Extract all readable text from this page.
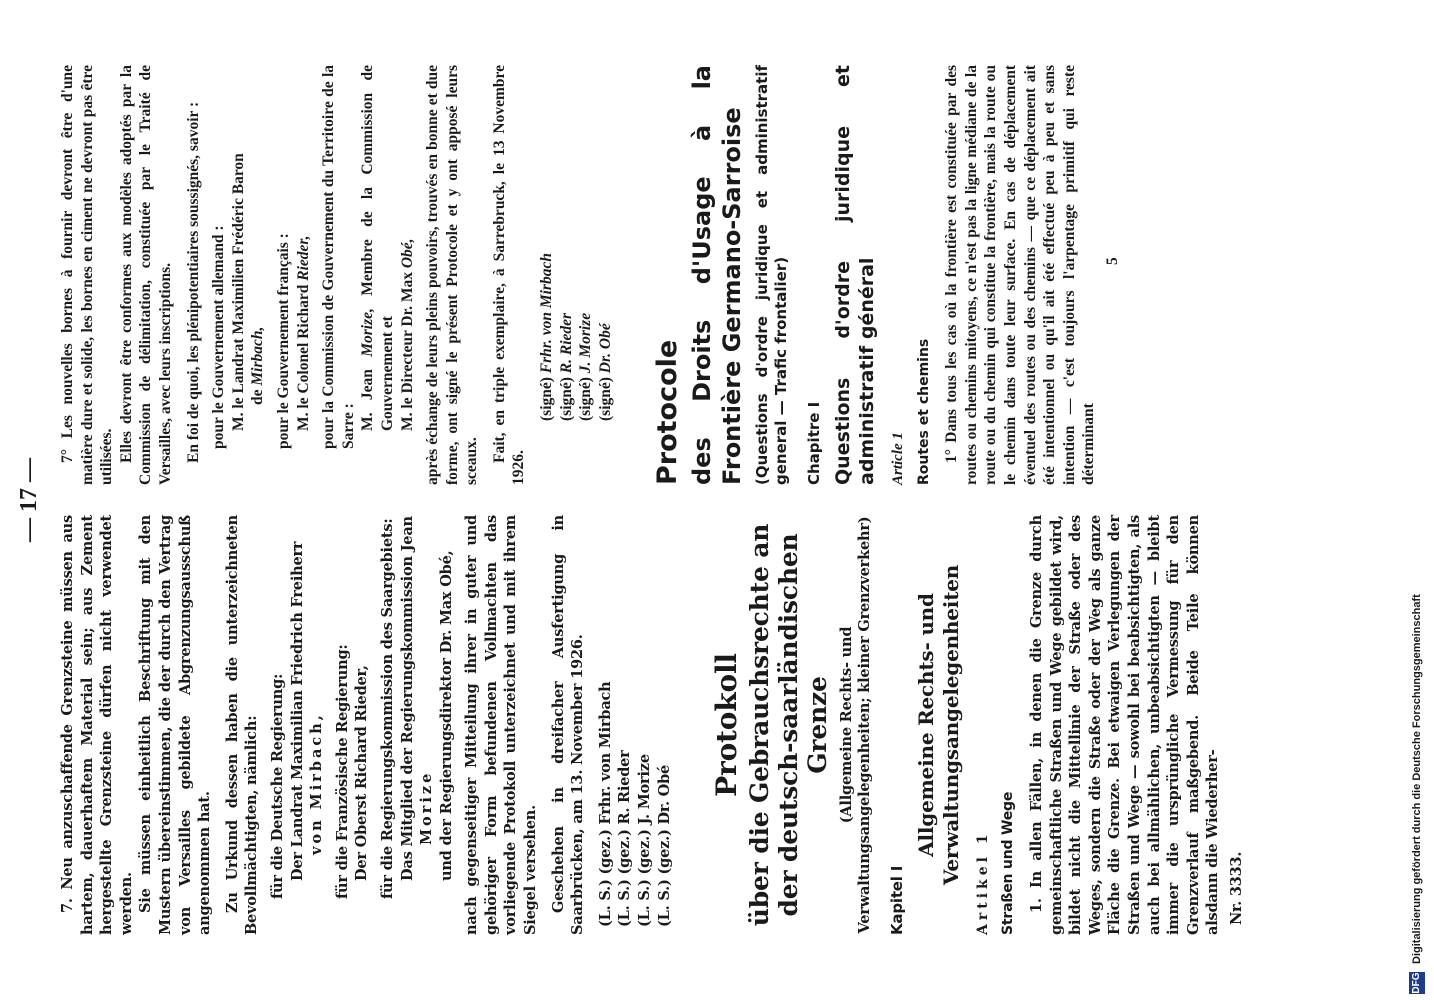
— 17 —

7. Neu anzuschaffende Grenzsteine müssen aus hartem, dauerhaftem Material sein; aus Zement hergestellte Grenzsteine dürfen nicht verwendet werden. Sie müssen einheitlich Beschriftung mit den Mustern übereinstimmen, die der durch den Vertrag von Versailles gebildete Abgrenzungsausschuß angenommen hat. Zu Urkund dessen haben die unterzeichneten Bevollmächtigten, nämlich: für die Deutsche Regierung: Der Landrat Maximilian Friedrich Freiherr von Mirbach, für die Französische Regierung: Der Oberst Richard Rieder, für die Regierungskommission des Saargebiets: Das Mitglied der Regierungskommission Jean Morize und der Regierungsdirektor Dr. Max Obé, nach gegenseitiger Mitteilung ihrer in guter und gehöriger Form befundenen Vollmachten das vorliegende Protokoll unterzeichnet und mit ihrem Siegel versehen. Geschehen in dreifacher Ausfertigung in Saarbrücken, am 13. November 1926. (L. S.) (gez.) Frhr. von Mirbach (L. S.) (gez.) R. Rieder (L. S.) (gez.) J. Morize (L. S.) (gez.) Dr. Obé

Protokoll über die Gebrauchsrechte an der deutsch-saarländischen Grenze (Allgemeine Rechts- und Verwaltungsangelegenheiten; kleiner Grenzverkehr) Kapitel I

Allgemeine Rechts- und Verwaltungsangelegenheiten Artikel 1 Straßen und Wege 1. In allen Fällen, in denen die Grenze durch gemeinschaftliche Straßen und Wege gebildet wird, bildet nicht die Mittellinie der Straße oder des Weges, sondern die Straße oder der Weg als ganze Fläche die Grenze. Bei etwaigen Verlegungen der Straßen und Wege — sowohl bei beabsichtigten, als auch bei allmählichen, unbeabsichtigten — bleibt immer die ursprüngliche Vermessung für den Grenzverlauf maßgebend. Beide Teile können alsdann die Wiederher- Nr. 3333.

7° Les nouvelles bornes à fournir devront être d'une matière dure et solide, les bornes en ciment ne devront pas être utilisées. Elles devront être conformes aux modèles adoptés par la Commission de délimitation, constituée par le Traité de Versailles, avec leurs inscriptions. En foi de quoi, les plénipotentiaires soussignés, savoir : pour le Gouvernement allemand : M. le Landrat Maximilien Frédéric Baron de Mirbach, pour le Gouvernement français : M. le Colonel Richard Rieder, pour la Commission de Gouvernement du Territoire de la Sarre : M. Jean Morize, Membre de la Commission de Gouvernement et M. le Directeur Dr. Max Obé, après échange de leurs pleins pouvoirs, trouvés en bonne et due forme, ont signé le présent Protocole et y ont apposé leurs sceaux. Fait, en triple exemplaire, à Sarrebruck, le 13 Novembre 1926.

(signé) Frhr. von Mirbach

(signé) R. Rieder

(signé) J. Morize

(signé) Dr. Obé Protocole des Droits d'Usage à la Frontière Germano-Sarroise (Questions d'ordre juridique et administratif general — Trafic frontalier) Chapitre I Questions d'ordre juridique et administratif général Article 1 Routes et chemins 1° Dans tous les cas où la frontière est constituée par des routes ou chemins mitoyens, ce n'est pas la ligne médiane de la route ou du chemin qui constitue la frontière, mais la route ou le chemin dans toute leur surface. En cas de déplacement éventuel des routes ou des chemins — que ce déplacement ait été intentionnel ou qu'il ait été effectué peu à peu et sans intention — c'est toujours l'arpentage primitif qui reste déterminant

5

DFG
Digitalisierung gefördert durch die Deutsche Forschungsgemeinschaft
